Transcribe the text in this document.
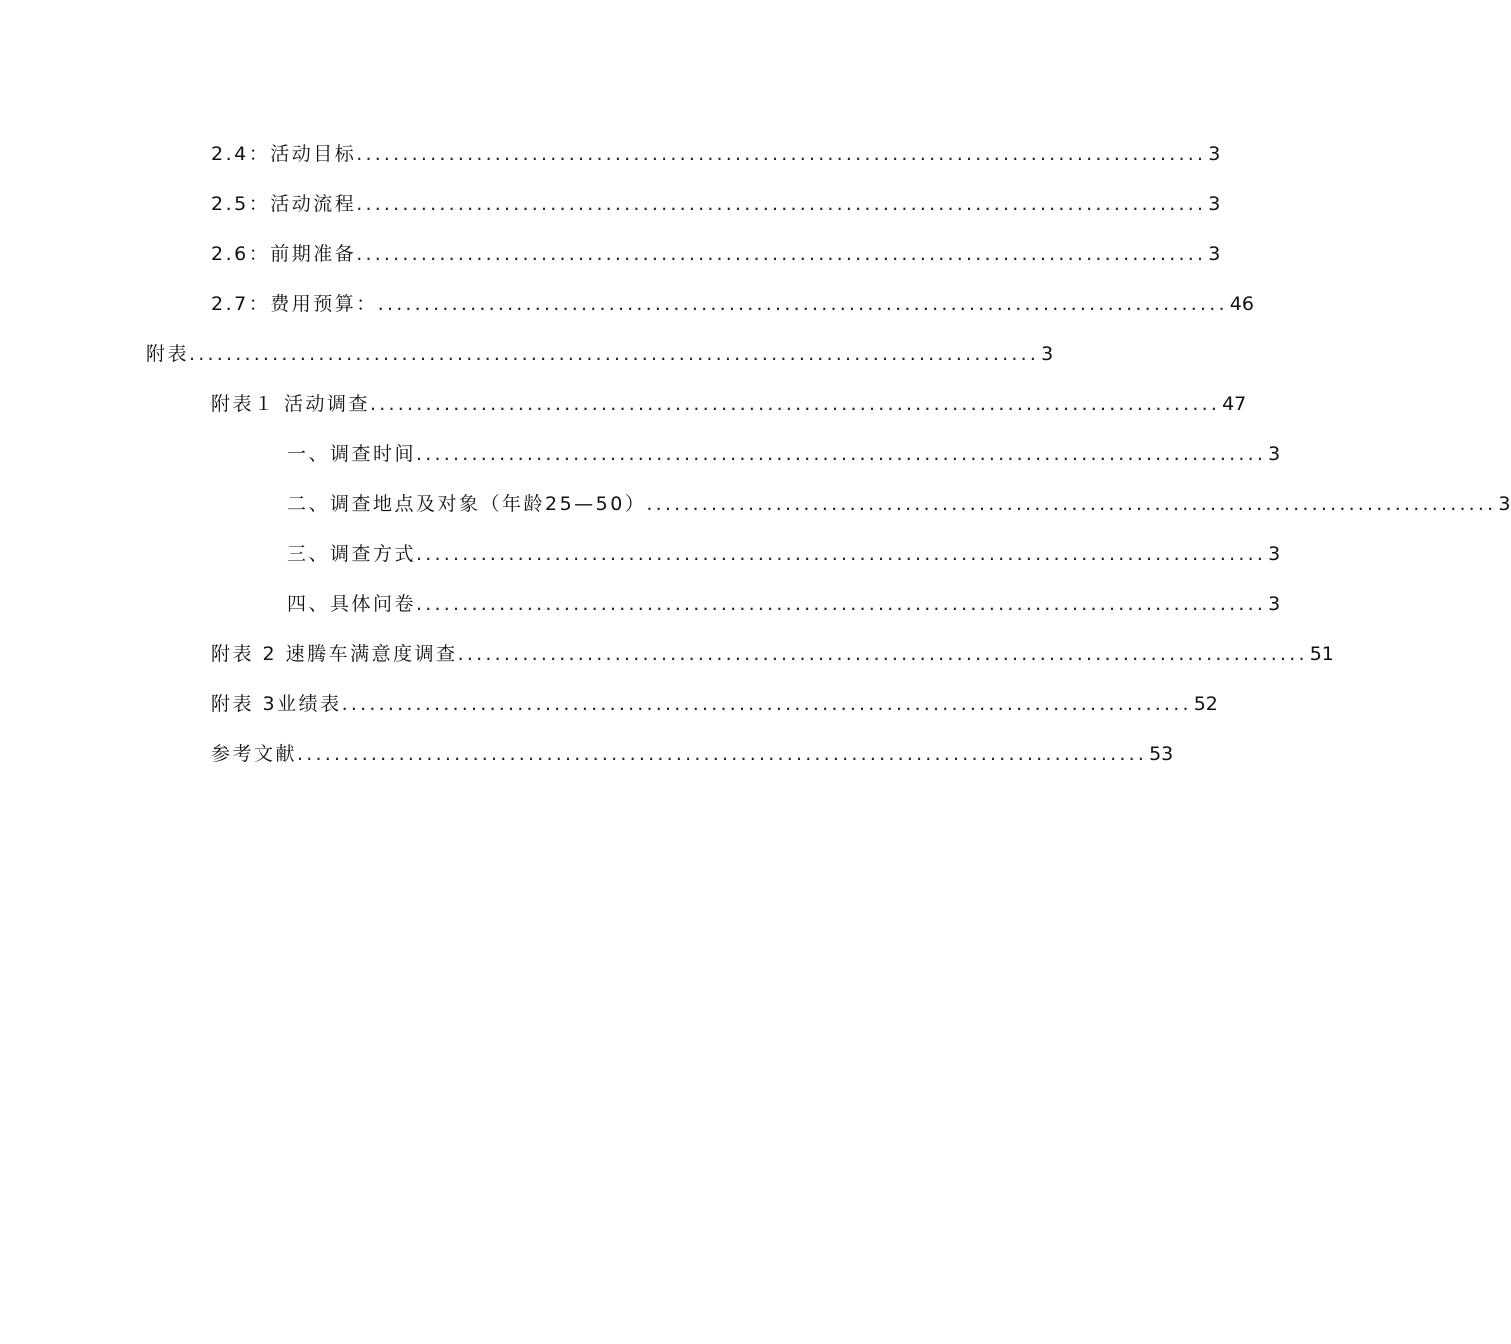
2.4：活动目标 ............................................................................................ 3
2.5：活动流程 ............................................................................................ 3
2.6：前期准备 ............................................................................................ 3
2.7：费用预算： ............................................................................................ 46
附表 ............................................................................................ 3
附表１ 活动调查 ............................................................................................ 47
一、调查时间 ............................................................................................ 3
二、调查地点及对象（年龄25—50） ............................................................................................ 3
三、调查方式 ............................................................................................ 3
四、具体问卷 ............................................................................................ 3
附表 2 速腾车满意度调查 ............................................................................................ 51
附表 3业绩表 ............................................................................................ 52
参考文献 ............................................................................................ 53
